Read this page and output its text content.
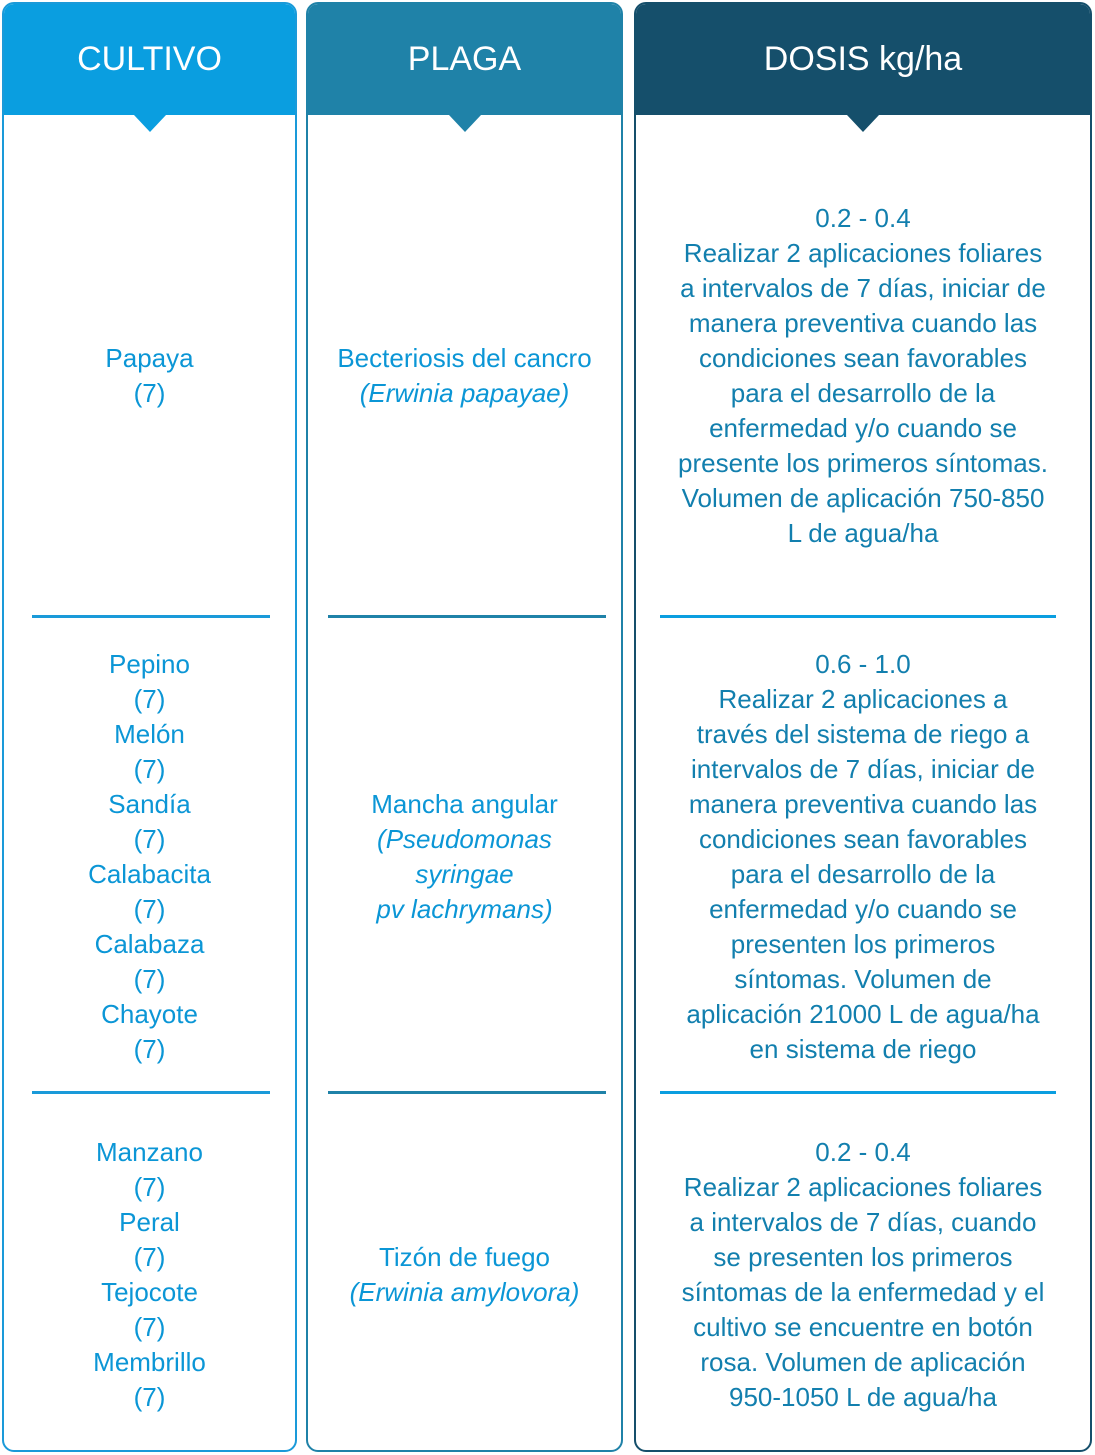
CULTIVO
Papaya
(7)
Pepino
(7)
Melón
(7)
Sandía
(7)
Calabacita
(7)
Calabaza
(7)
Chayote
(7)
Manzano
(7)
Peral
(7)
Tejocote
(7)
Membrillo
(7)
PLAGA
Becteriosis del cancro
(Erwinia papayae)
Mancha angular
(Pseudomonas
syringae
pv lachrymans)
Tizón de fuego
(Erwinia amylovora)
DOSIS kg/ha
0.2 - 0.4
Realizar 2 aplicaciones foliares
a intervalos de 7 días, iniciar de
manera preventiva cuando las
condiciones sean favorables
para el desarrollo de la
enfermedad y/o cuando se
presente los primeros síntomas.
Volumen de aplicación 750-850
L de agua/ha
0.6 - 1.0
Realizar 2 aplicaciones a
través del sistema de riego a
intervalos de 7 días, iniciar de
manera preventiva cuando las
condiciones sean favorables
para el desarrollo de la
enfermedad y/o cuando se
presenten los primeros
síntomas. Volumen de
aplicación 21000 L de agua/ha
en sistema de riego
0.2 - 0.4
Realizar 2 aplicaciones foliares
a intervalos de 7 días, cuando
se presenten los primeros
síntomas de la enfermedad y el
cultivo se encuentre en botón
rosa. Volumen de aplicación
950-1050 L de agua/ha
